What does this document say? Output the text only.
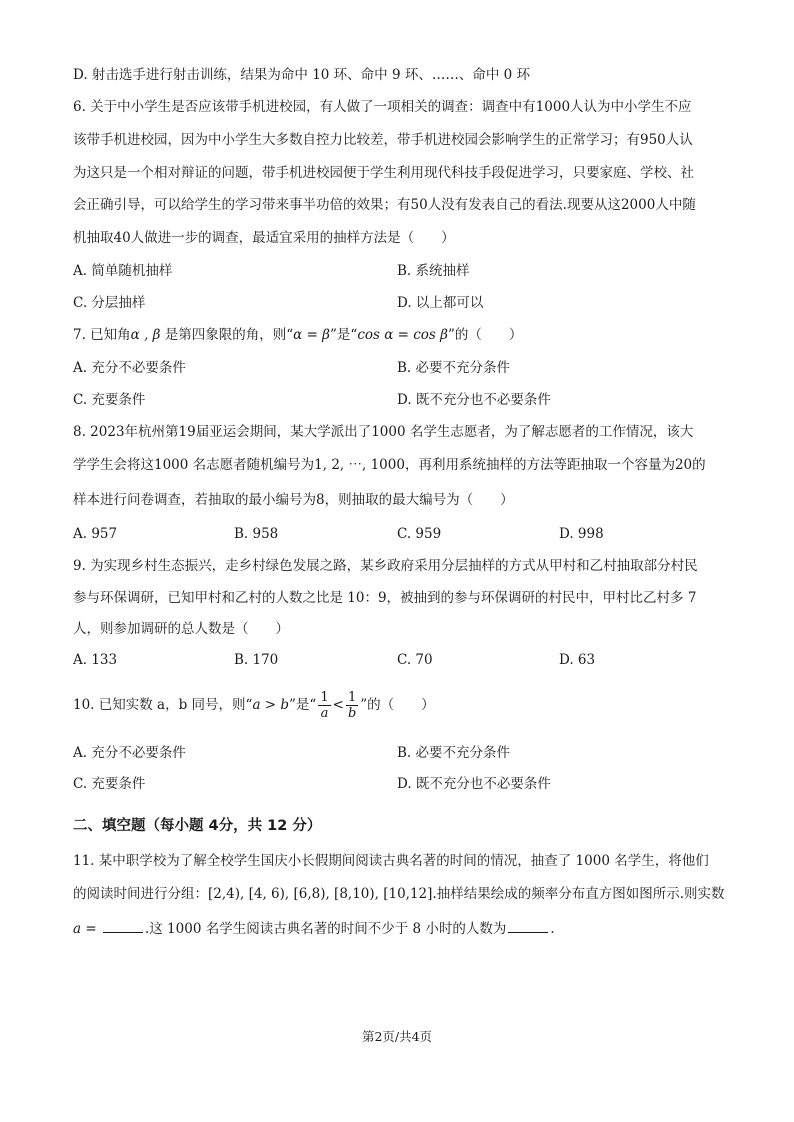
D. 射击选手进行射击训练，结果为命中 10 环、命中 9 环、……、命中 0 环
6. 关于中小学生是否应该带手机进校园，有人做了一项相关的调查：调查中有1000人认为中小学生不应
该带手机进校园，因为中小学生大多数自控力比较差，带手机进校园会影响学生的正常学习；有950人认
为这只是一个相对辩证的问题，带手机进校园便于学生利用现代科技手段促进学习，只要家庭、学校、社
会正确引导，可以给学生的学习带来事半功倍的效果；有50人没有发表自己的看法.现要从这2000人中随
机抽取40人做进一步的调查，最适宜采用的抽样方法是（　　）
A. 简单随机抽样	B. 系统抽样
C. 分层抽样	D. 以上都可以
7. 已知角α , β 是第四象限的角，则“α = β”是“cos α = cos β”的（　　）
A. 充分不必要条件	B. 必要不充分条件
C. 充要条件	D. 既不充分也不必要条件
8. 2023年杭州第19届亚运会期间，某大学派出了1000 名学生志愿者，为了解志愿者的工作情况，该大
学学生会将这1000 名志愿者随机编号为1, 2, ⋯, 1000，再利用系统抽样的方法等距抽取一个容量为20的
样本进行问卷调查，若抽取的最小编号为8，则抽取的最大编号为（　　）
A. 957	B. 958	C. 959	D. 998
9. 为实现乡村生态振兴，走乡村绿色发展之路，某乡政府采用分层抽样的方式从甲村和乙村抽取部分村民
参与环保调研，已知甲村和乙村的人数之比是 10：9，被抽到的参与环保调研的村民中，甲村比乙村多 7
人，则参加调研的总人数是（　　）
A. 133	B. 170	C. 70	D. 63
10. 已知实数 a，b 同号，则“a > b”是“ $\frac{1}{a} < \frac{1}{b}$ ”的（　　）
A. 充分不必要条件	B. 必要不充分条件
C. 充要条件	D. 既不充分也不必要条件
二、填空题（每小题 4分，共 12 分）
11. 某中职学校为了解全校学生国庆小长假期间阅读古典名著的时间的情况，抽查了 1000 名学生，将他们
的阅读时间进行分组：[2,4), [4, 6), [6,8), [8,10), [10,12].抽样结果绘成的频率分布直方图如图所示.则实数
a =	.这 1000 名学生阅读古典名著的时间不少于 8 小时的人数为	.
第2页/共4页
